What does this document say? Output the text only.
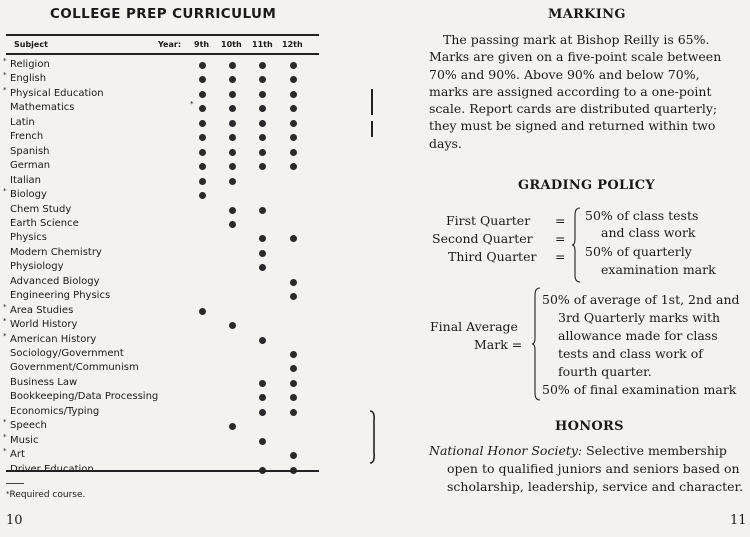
COLLEGE PREP CURRICULUM
Subject	Year: 9th 10th 11th 12th
* Religion
* English
* Physical Education
Mathematics	*
Latin
French
Spanish
German
Italian
* Biology
Chem Study
Earth Science
Physics
Modern Chemistry
Physiology
Advanced Biology
Engineering Physics
* Area Studies
* World History
* American History
Sociology/Government
Government/Communism
Business Law
Bookkeeping/Data Processing
Economics/Typing
* Speech
* Music
* Art
*Required course.
10
MARKING
The passing mark at Bishop Reilly is 65%.
Marks are given on a five-point scale between
70% and 90%. Above 90% and below 70%,
marks are assigned according to a one-point
scale. Report cards are distributed quarterly;
they must be signed and returned within two
days.
GRADING POLICY
First Quarter
Second Quarter
Third Quarter
=
=
=
50% of class tests
and class work
50% of quarterly
examination mark
Final Average
Mark =
50% of average of 1st, 2nd and
3rd Quarterly marks with
allowance made for class
tests and class work of
fourth quarter.
50% of final examination mark
HONORS
National Honor Society: Selective membership
open to qualified juniors and seniors based on
scholarship, leadership, service and character.
11
